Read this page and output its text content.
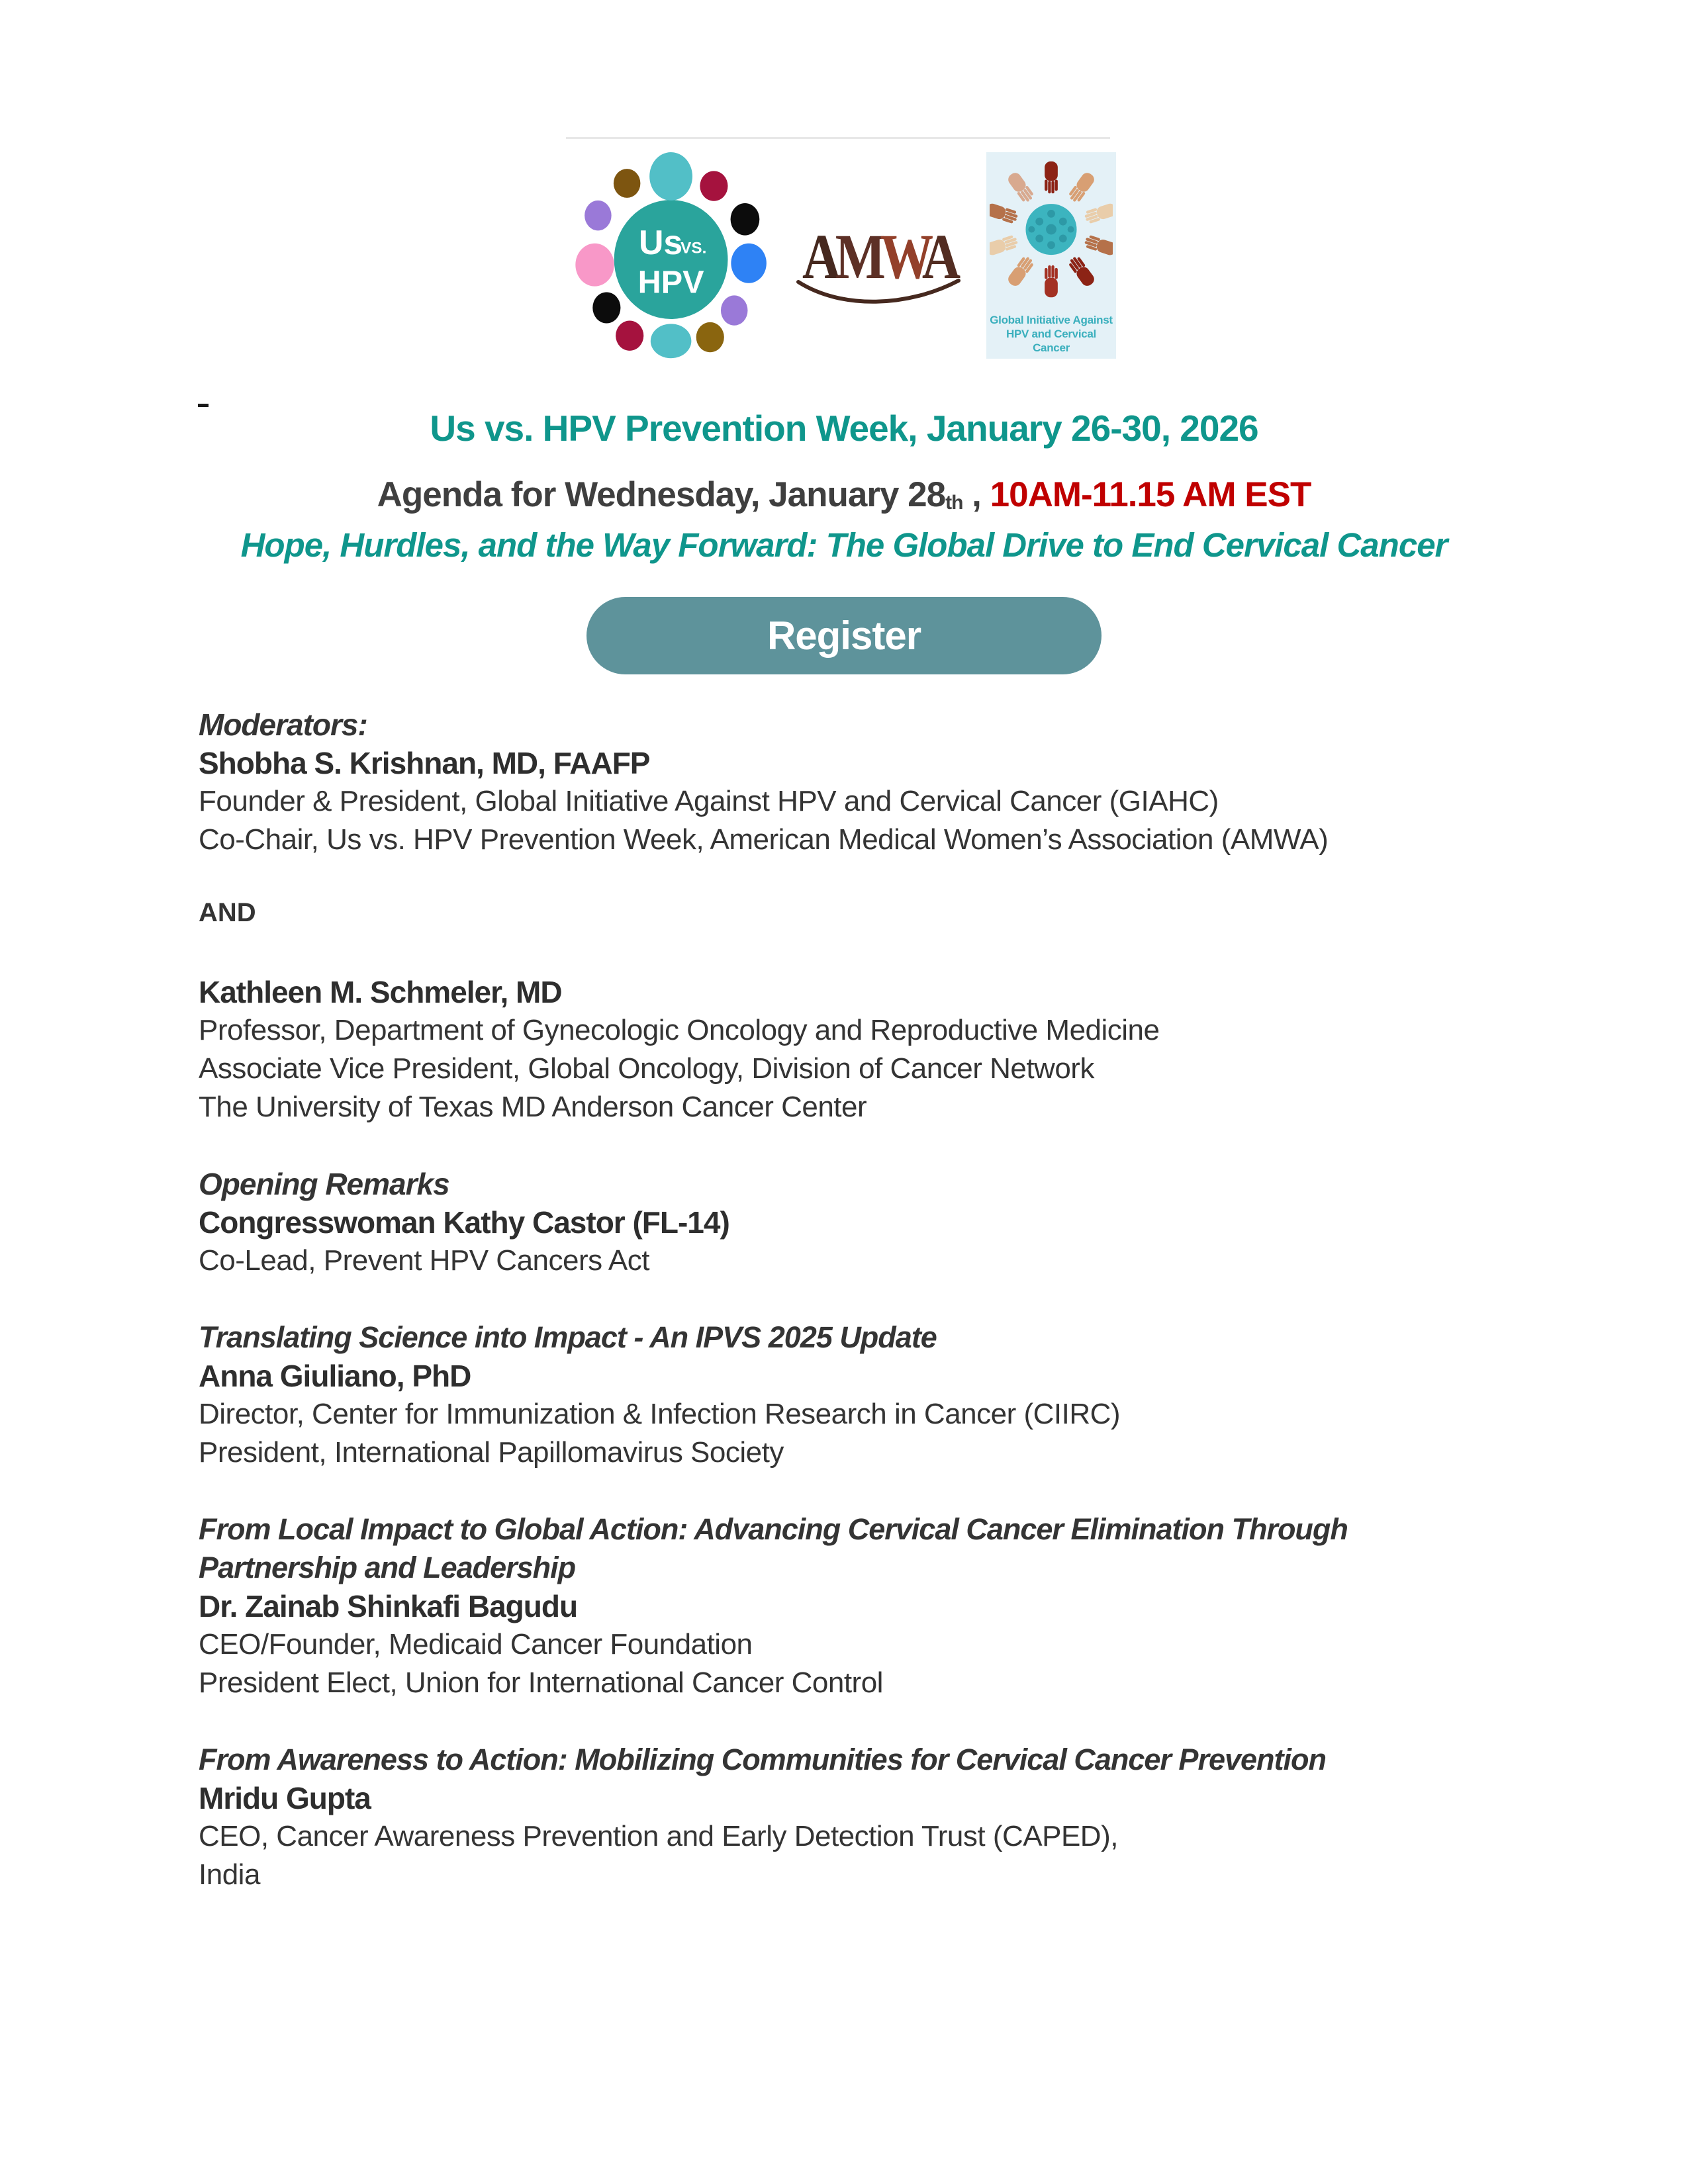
Us
VS.
HPV AMWA
Global Initiative Against
HPV and Cervical Cancer
Us vs. HPV Prevention Week, January 26-30, 2026
Agenda for Wednesday, January 28th , 10AM-11.15 AM EST
Hope, Hurdles, and the Way Forward: The Global Drive to End Cervical Cancer
Register
Moderators:
Shobha S. Krishnan, MD, FAAFP
Founder & President, Global Initiative Against HPV and Cervical Cancer (GIAHC)
Co-Chair, Us vs. HPV Prevention Week, American Medical Women’s Association (AMWA)
AND
Kathleen M. Schmeler, MD
Professor, Department of Gynecologic Oncology and Reproductive Medicine
Associate Vice President, Global Oncology, Division of Cancer Network
The University of Texas MD Anderson Cancer Center
Opening Remarks
Congresswoman Kathy Castor (FL-14)
Co-Lead, Prevent HPV Cancers Act
Translating Science into Impact - An IPVS 2025 Update
Anna Giuliano, PhD
Director, Center for Immunization & Infection Research in Cancer (CIIRC)
President, International Papillomavirus Society
From Local Impact to Global Action: Advancing Cervical Cancer Elimination Through
Partnership and Leadership
Dr. Zainab Shinkafi Bagudu
CEO/Founder, Medicaid Cancer Foundation
President Elect, Union for International Cancer Control
From Awareness to Action: Mobilizing Communities for Cervical Cancer Prevention
Mridu Gupta
CEO, Cancer Awareness Prevention and Early Detection Trust (CAPED),
India
